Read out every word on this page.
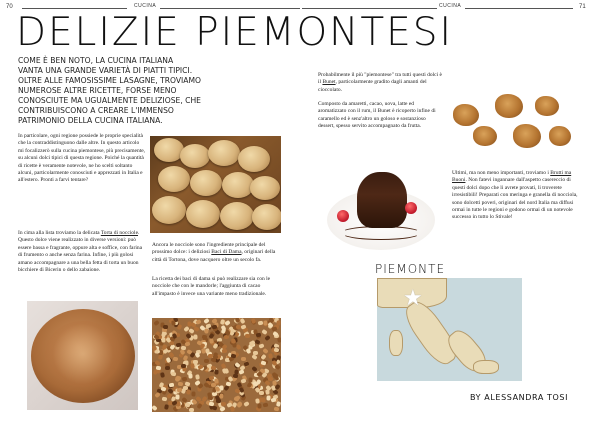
70	CUCINA	CUCINA	71
DELIZIE PIEMONTESI
COME È BEN NOTO, LA CUCINA ITALIANA
VANTA UNA GRANDE VARIETÀ DI PIATTI TIPICI.
OLTRE ALLE FAMOSISSIME LASAGNE, TROVIAMO
NUMEROSE ALTRE RICETTE, FORSE MENO
CONOSCIUTE MA UGUALMENTE DELIZIOSE, CHE
CONTRIBUISCONO A CREARE L'IMMENSO
PATRIMONIO DELLA CUCINA ITALIANA.
In particolare, ogni regione possiede le proprie specialità che la contraddistinguono dalle altre. In questo articolo mi focalizzerò sulla cucina piemontese, più precisamente, su alcuni dolci tipici di questa regione. Poiché la quantità di ricette è veramente notevole, ne ho scelti soltanto alcuni, particolarmente conosciuti e apprezzati in Italia e all'estero. Pronti a farvi tentare?
In cima alla lista troviamo la delicata Torta di nocciole. Questo dolce viene realizzato in diverse versioni: può essere bassa e fragrante, oppure alta e soffice, con farina di frumento o anche senza farina. Infine, i più golosi amano accompagnare a una bella fetta di torta un buon bicchiere di Bicerin o dello zabaione.
Ancora le nocciole sono l'ingrediente principale del prossimo dolce: i deliziosi Baci di Dama, originari della città di Tortona, dove nacquero oltre un secolo fa.
La ricetta dei baci di dama si può realizzare sia con le nocciole che con le mandorle; l'aggiunta di cacao all'impasto è invece una variante meno tradizionale.
Probabilmente il più "piemontese" tra tutti questi dolci è il Bunet, particolarmente gradito dagli amanti del cioccolato.
Composto da amaretti, cacao, uova, latte ed aromatizzato con il rum, il Bunet è ricoperto infine di caramello ed è senz'altro un goloso e sostanzioso dessert, spesso servito accompagnato da frutta.
Ultimi, ma non meno importanti, troviamo i Brutti ma Buoni. Non fatevi ingannare dall'aspetto casereccio di questi dolci dopo che li avrete provati, li troverete irresistibili! Preparati con meringa e granella di nocciola, sono dolcetti poveri, originari del nord Italia ma diffusi ormai in tutte le regioni e godono ormai di un notevole successo in tutto lo Stivale!
PIEMONTE
★
BY ALESSANDRA TOSI
